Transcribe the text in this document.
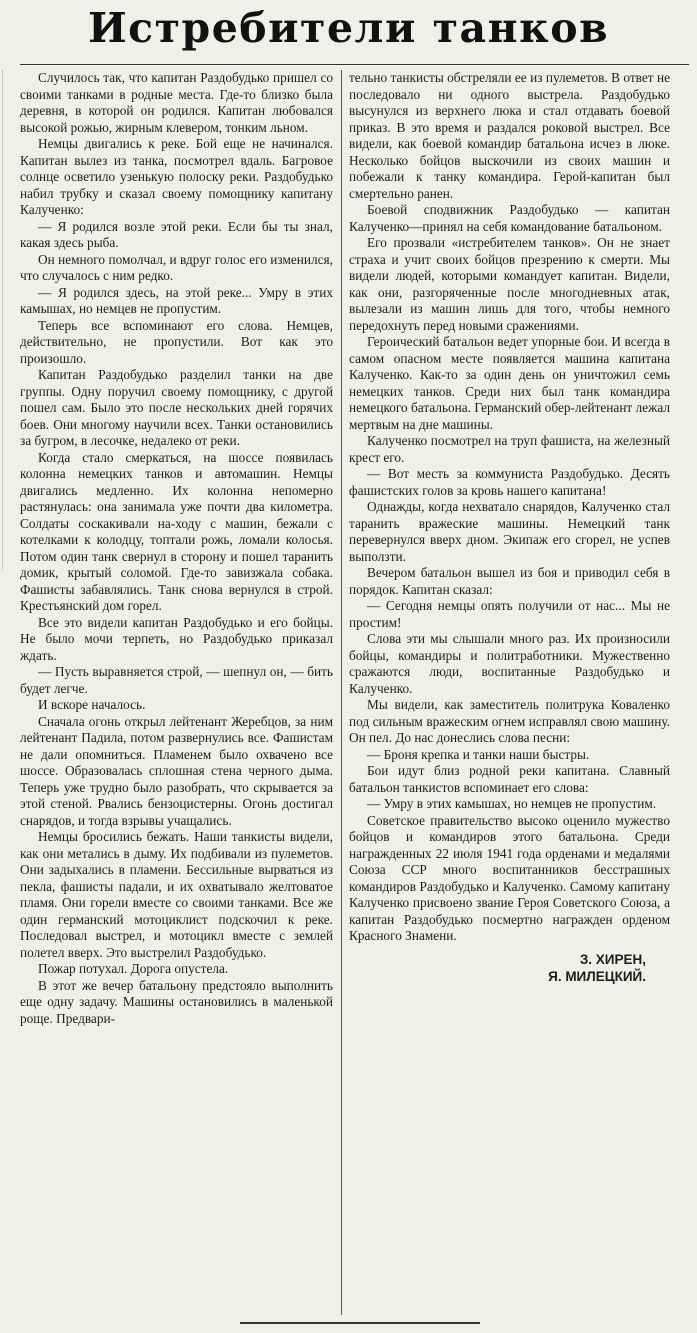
Истребители танков

Случилось так, что капитан Раздобудько пришел со своими танками в родные места. Где-то близко была деревня, в которой он родился. Капитан любовался высокой рожью, жирным клевером, тонким льном.

Немцы двигались к реке. Бой еще не начинался. Капитан вылез из танка, посмотрел вдаль. Багровое солнце осветило узенькую полоску реки. Раздобудько набил трубку и сказал своему помощнику капитану Калученко:

— Я родился возле этой реки. Если бы ты знал, какая здесь рыба.

Он немного помолчал, и вдруг голос его изменился, что случалось с ним редко.

— Я родился здесь, на этой реке... Умру в этих камышах, но немцев не пропустим.

Теперь все вспоминают его слова. Немцев, действительно, не пропустили. Вот как это произошло.

Капитан Раздобудько разделил танки на две группы. Одну поручил своему помощнику, с другой пошел сам. Было это после нескольких дней горячих боев. Они многому научили всех. Танки остановились за бугром, в лесочке, недалеко от реки.

Когда стало смеркаться, на шоссе появилась колонна немецких танков и автомашин. Немцы двигались медленно. Их колонна непомерно растянулась: она занимала уже почти два километра. Солдаты соскакивали на-ходу с машин, бежали с котелками к колодцу, топтали рожь, ломали колосья. Потом один танк свернул в сторону и пошел таранить домик, крытый соломой. Где-то завизжала собака. Фашисты забавлялись. Танк снова вернулся в строй. Крестьянский дом горел.

Все это видели капитан Раздобудько и его бойцы. Не было мочи терпеть, но Раздобудько приказал ждать.

— Пусть выравняется строй, — шепнул он, — бить будет легче.

И вскоре началось.

Сначала огонь открыл лейтенант Жеребцов, за ним лейтенант Падила, потом развернулись все. Фашистам не дали опомниться. Пламенем было охвачено все шоссе. Образовалась сплошная стена черного дыма. Теперь уже трудно было разобрать, что скрывается за этой стеной. Рвались бензоцистерны. Огонь достигал снарядов, и тогда взрывы учащались.

Немцы бросились бежать. Наши танкисты видели, как они метались в дыму. Их подбивали из пулеметов. Они задыхались в пламени. Бессильные вырваться из пекла, фашисты падали, и их охватывало желтоватое пламя. Они горели вместе со своими танками. Все же один германский мотоциклист подскочил к реке. Последовал выстрел, и мотоцикл вместе с землей полетел вверх. Это выстрелил Раздобудько.

Пожар потухал. Дорога опустела.

В этот же вечер батальону предстояло выполнить еще одну задачу. Машины остановились в маленькой роще. Предвари-

тельно танкисты обстреляли ее из пулеметов. В ответ не последовало ни одного выстрела. Раздобудько высунулся из верхнего люка и стал отдавать боевой приказ. В это время и раздался роковой выстрел. Все видели, как боевой командир батальона исчез в люке. Несколько бойцов выскочили из своих машин и побежали к танку командира. Герой-капитан был смертельно ранен.

Боевой сподвижник Раздобудько — капитан Калученко—принял на себя командование батальоном.

Его прозвали «истребителем танков». Он не знает страха и учит своих бойцов презрению к смерти. Мы видели людей, которыми командует капитан. Видели, как они, разгоряченные после многодневных атак, вылезали из машин лишь для того, чтобы немного передохнуть перед новыми сражениями.

Героический батальон ведет упорные бои. И всегда в самом опасном месте появляется машина капитана Калученко. Как-то за один день он уничтожил семь немецких танков. Среди них был танк командира немецкого батальона. Германский обер-лейтенант лежал мертвым на дне машины.

Калученко посмотрел на труп фашиста, на железный крест его.

— Вот месть за коммуниста Раздобудько. Десять фашистских голов за кровь нашего капитана!

Однажды, когда нехватало снарядов, Калученко стал таранить вражеские машины. Немецкий танк перевернулся вверх дном. Экипаж его сгорел, не успев выползти.

Вечером батальон вышел из боя и приводил себя в порядок. Капитан сказал:

— Сегодня немцы опять получили от нас... Мы не простим!

Слова эти мы слышали много раз. Их произносили бойцы, командиры и политработники. Мужественно сражаются люди, воспитанные Раздобудько и Калученко.

Мы видели, как заместитель политрука Коваленко под сильным вражеским огнем исправлял свою машину. Он пел. До нас донеслись слова песни:

— Броня крепка и танки наши быстры.

Бои идут близ родной реки капитана. Славный батальон танкистов вспоминает его слова:

— Умру в этих камышах, но немцев не пропустим.

Советское правительство высоко оценило мужество бойцов и командиров этого батальона. Среди награжденных 22 июля 1941 года орденами и медалями Союза ССР много воспитанников бесстрашных командиров Раздобудько и Калученко. Самому капитану Калученко присвоено звание Героя Советского Союза, а капитан Раздобудько посмертно награжден орденом Красного Знамени.

З. ХИРЕН,
Я. МИЛЕЦКИЙ.
